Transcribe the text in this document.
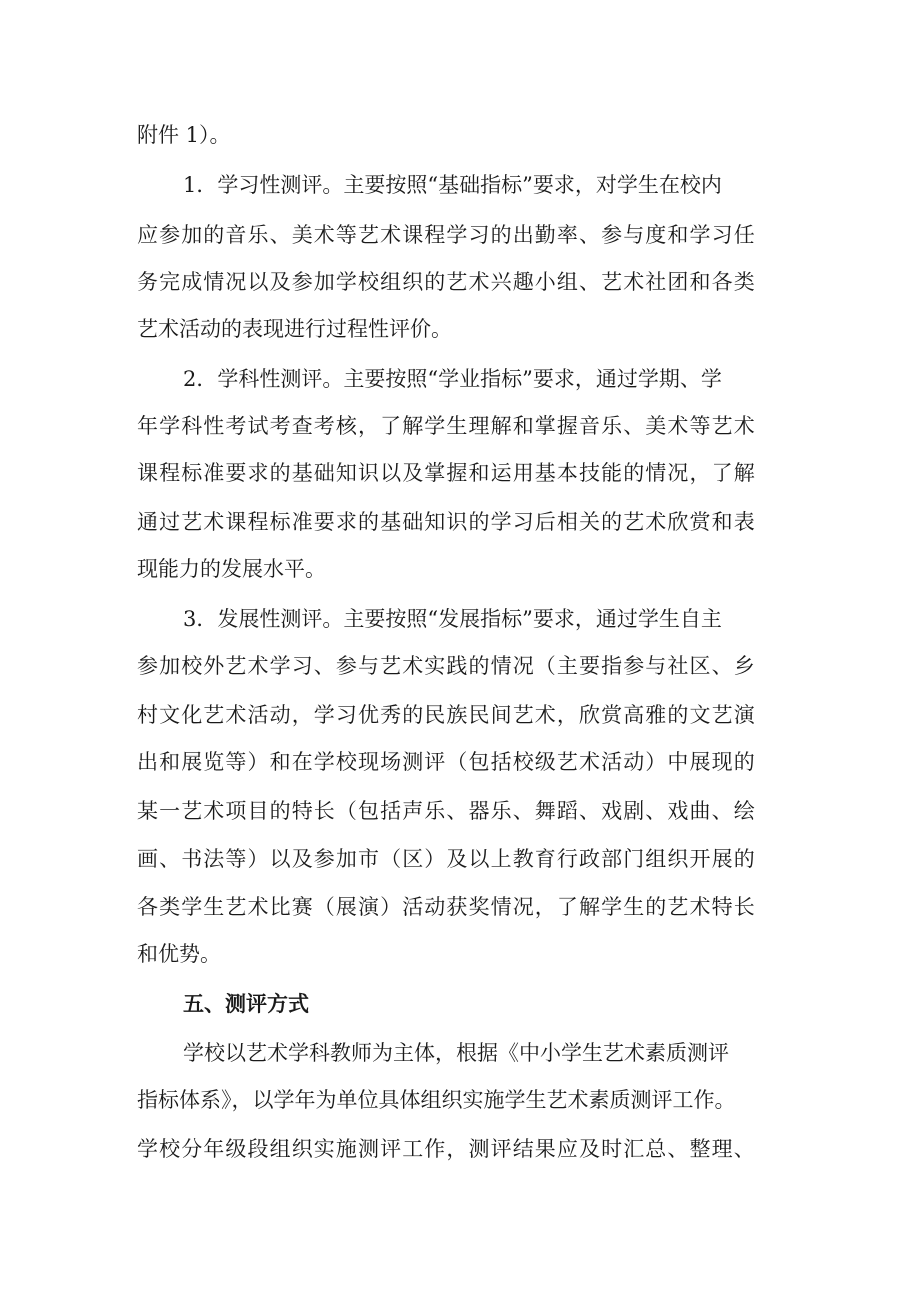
附件 1）。

1．学习性测评。主要按照“基础指标”要求，对学生在校内

应参加的音乐、美术等艺术课程学习的出勤率、参与度和学习任

务完成情况以及参加学校组织的艺术兴趣小组、艺术社团和各类

艺术活动的表现进行过程性评价。

2．学科性测评。主要按照“学业指标”要求，通过学期、学

年学科性考试考查考核，了解学生理解和掌握音乐、美术等艺术

课程标准要求的基础知识以及掌握和运用基本技能的情况，了解

通过艺术课程标准要求的基础知识的学习后相关的艺术欣赏和表

现能力的发展水平。

3．发展性测评。主要按照“发展指标”要求，通过学生自主

参加校外艺术学习、参与艺术实践的情况（主要指参与社区、乡

村文化艺术活动，学习优秀的民族民间艺术，欣赏高雅的文艺演

出和展览等）和在学校现场测评（包括校级艺术活动）中展现的

某一艺术项目的特长（包括声乐、器乐、舞蹈、戏剧、戏曲、绘

画、书法等）以及参加市（区）及以上教育行政部门组织开展的

各类学生艺术比赛（展演）活动获奖情况，了解学生的艺术特长

和优势。

五、测评方式

学校以艺术学科教师为主体，根据《中小学生艺术素质测评

指标体系》，以学年为单位具体组织实施学生艺术素质测评工作。

学校分年级段组织实施测评工作，测评结果应及时汇总、整理、
